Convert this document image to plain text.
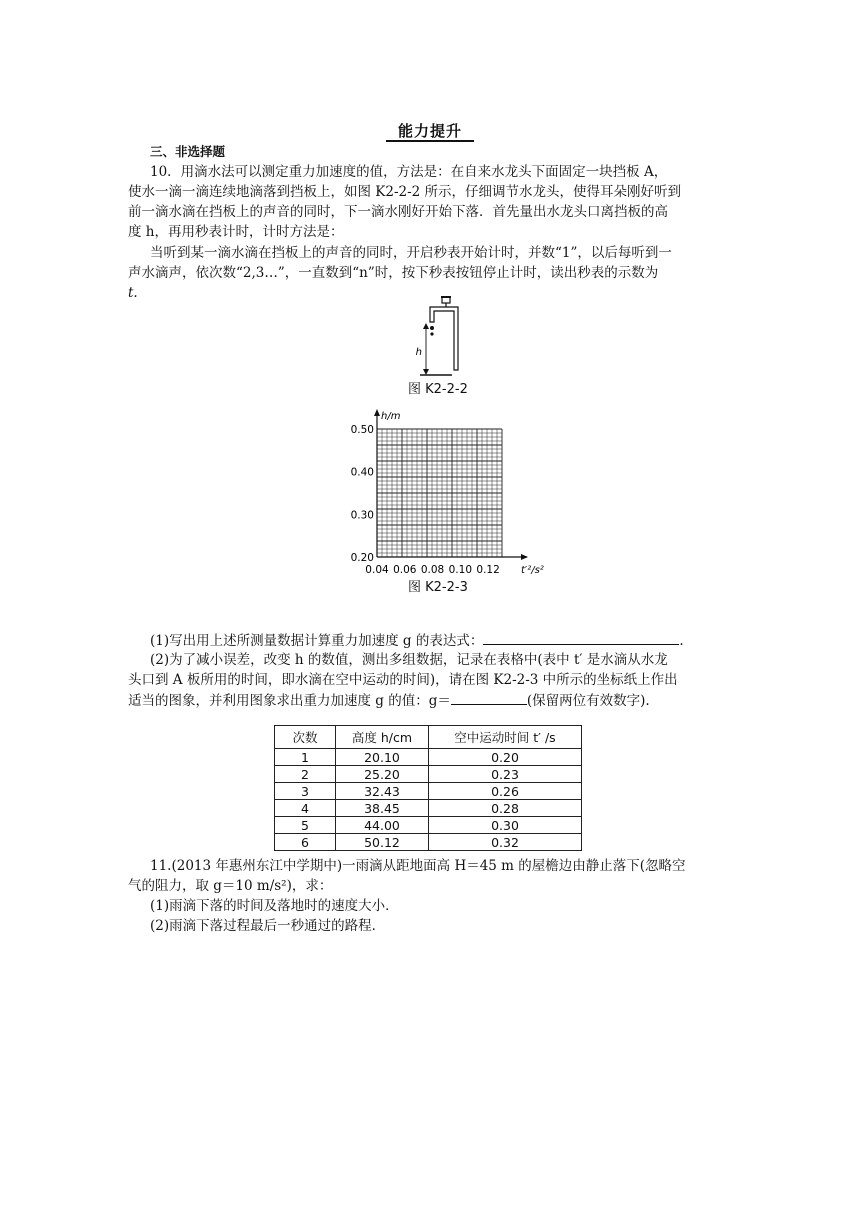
能力提升
三、非选择题
10．用滴水法可以测定重力加速度的值，方法是：在自来水龙头下面固定一块挡板 A，
使水一滴一滴连续地滴落到挡板上，如图 K2-2-2 所示，仔细调节水龙头，使得耳朵刚好听到
前一滴水滴在挡板上的声音的同时，下一滴水刚好开始下落．首先量出水龙头口离挡板的高
度 h，再用秒表计时，计时方法是：
当听到某一滴水滴在挡板上的声音的同时，开启秒表开始计时，并数“1”，以后每听到一
声水滴声，依次数“2,3…”，一直数到“n”时，按下秒表按钮停止计时，读出秒表的示数为
t.
h
图 K2-2-2
h/m
t′²/s²
0.20
0.30
0.40
0.50
0.04 0.06 0.08 0.10 0.12
图 K2-2-3
(1)写出用上述所测量数据计算重力加速度 g 的表达式：	.
(2)为了减小误差，改变 h 的数值，测出多组数据，记录在表格中(表中 t′ 是水滴从水龙
头口到 A 板所用的时间，即水滴在空中运动的时间)，请在图 K2-2-3 中所示的坐标纸上作出
适当的图象，并利用图象求出重力加速度 g 的值：g＝	(保留两位有效数字).
次数	高度 h/cm	空中运动时间 t′ /s
1	20.10	0.20
2	25.20	0.23
3	32.43	0.26
4	38.45	0.28
5	44.00	0.30
6	50.12	0.32
11.(2013 年惠州东江中学期中)一雨滴从距地面高 H＝45 m 的屋檐边由静止落下(忽略空
气的阻力，取 g＝10 m/s²)，求：
(1)雨滴下落的时间及落地时的速度大小．
(2)雨滴下落过程最后一秒通过的路程．
